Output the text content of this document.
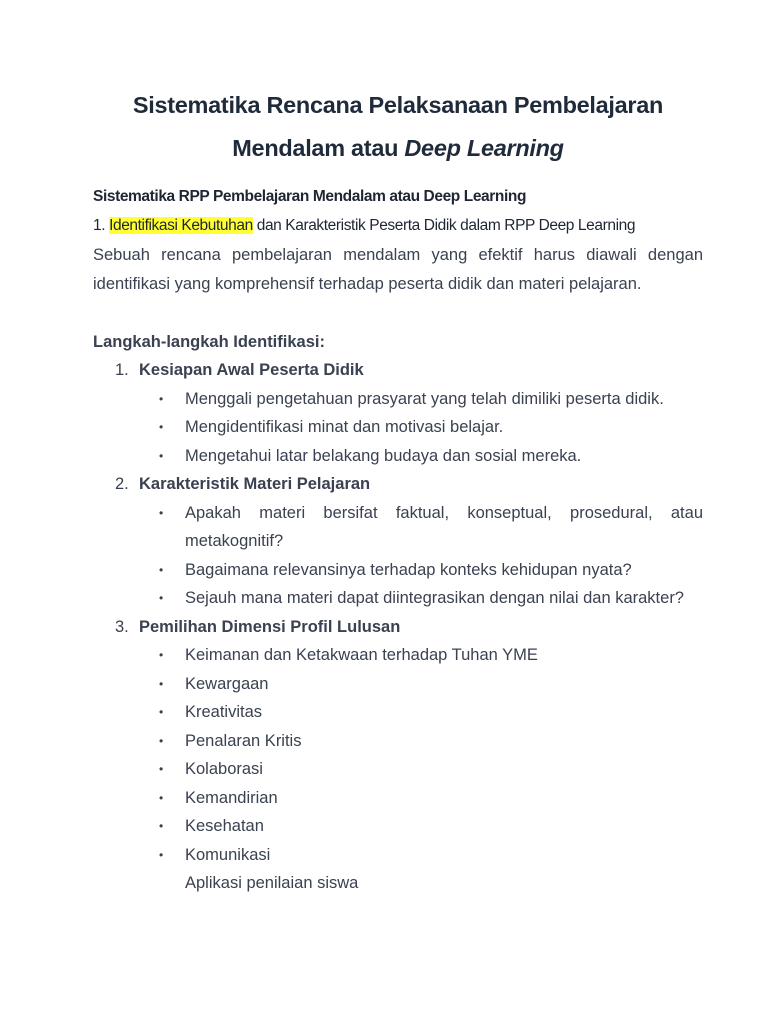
Sistematika Rencana Pelaksanaan Pembelajaran
Mendalam atau Deep Learning
Sistematika RPP Pembelajaran Mendalam atau Deep Learning
1. Identifikasi Kebutuhan dan Karakteristik Peserta Didik dalam RPP Deep Learning
Sebuah rencana pembelajaran mendalam yang efektif harus diawali dengan identifikasi yang komprehensif terhadap peserta didik dan materi pelajaran.
Langkah-langkah Identifikasi:
1. Kesiapan Awal Peserta Didik
• Menggali pengetahuan prasyarat yang telah dimiliki peserta didik.
• Mengidentifikasi minat dan motivasi belajar.
• Mengetahui latar belakang budaya dan sosial mereka.
2. Karakteristik Materi Pelajaran
• Apakah materi bersifat faktual, konseptual, prosedural, atau metakognitif?
• Bagaimana relevansinya terhadap konteks kehidupan nyata?
• Sejauh mana materi dapat diintegrasikan dengan nilai dan karakter?
3. Pemilihan Dimensi Profil Lulusan
• Keimanan dan Ketakwaan terhadap Tuhan YME
• Kewargaan
• Kreativitas
• Penalaran Kritis
• Kolaborasi
• Kemandirian
• Kesehatan
• Komunikasi
Aplikasi penilaian siswa
